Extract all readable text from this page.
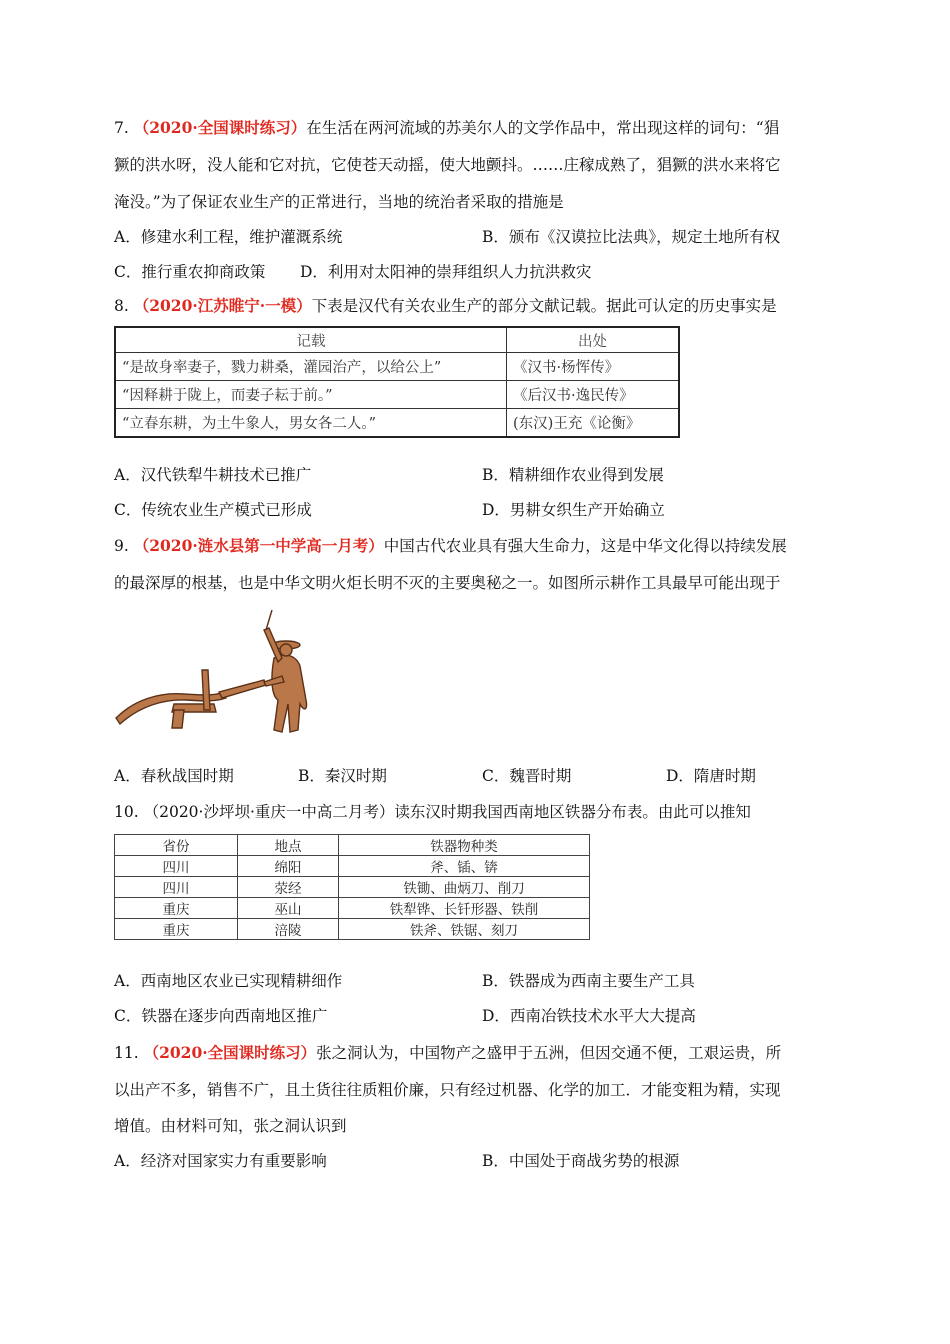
7. （2020·全国课时练习）在生活在两河流域的苏美尔人的文学作品中，常出现这样的词句：“猖
獗的洪水呀，没人能和它对抗，它使苍天动摇，使大地颤抖。……庄稼成熟了，猖獗的洪水来将它
淹没。”为了保证农业生产的正常进行，当地的统治者采取的措施是
A．修建水利工程，维护灌溉系统	B．颁布《汉谟拉比法典》，规定土地所有权
C．推行重农抑商政策 D．利用对太阳神的崇拜组织人力抗洪救灾
8. （2020·江苏睢宁·一模）下表是汉代有关农业生产的部分文献记载。据此可认定的历史事实是
记载	出处
“是故身率妻子，戮力耕桑，灌园治产，以给公上”	《汉书·杨恽传》
“因释耕于陇上，而妻子耘于前。”	《后汉书·逸民传》
“立春东耕，为土牛象人，男女各二人。”	(东汉)王充《论衡》
A．汉代铁犁牛耕技术已推广	B．精耕细作农业得到发展
C．传统农业生产模式已形成	D．男耕女织生产开始确立
9. （2020·涟水县第一中学高一月考）中国古代农业具有强大生命力，这是中华文化得以持续发展
的最深厚的根基，也是中华文明火炬长明不灭的主要奥秘之一。如图所示耕作工具最早可能出现于
A．春秋战国时期	B．秦汉时期	C．魏晋时期	D．隋唐时期
10. （2020·沙坪坝·重庆一中高二月考）读东汉时期我国西南地区铁器分布表。由此可以推知
省份	地点	铁器物种类
四川	绵阳	斧、锸、锛
四川	荥经	铁锄、曲炳刀、削刀
重庆	巫山	铁犁铧、长钎形器、铁削
重庆	涪陵	铁斧、铁锯、刻刀
A．西南地区农业已实现精耕细作	B．铁器成为西南主要生产工具
C．铁器在逐步向西南地区推广	D．西南冶铁技术水平大大提高
11. （2020·全国课时练习）张之洞认为，中国物产之盛甲于五洲，但因交通不便，工艰运贵，所
以出产不多，销售不广，且土货往往质粗价廉，只有经过机器、化学的加工．才能变粗为精，实现
增值。由材料可知，张之洞认识到
A．经济对国家实力有重要影响	B．中国处于商战劣势的根源
